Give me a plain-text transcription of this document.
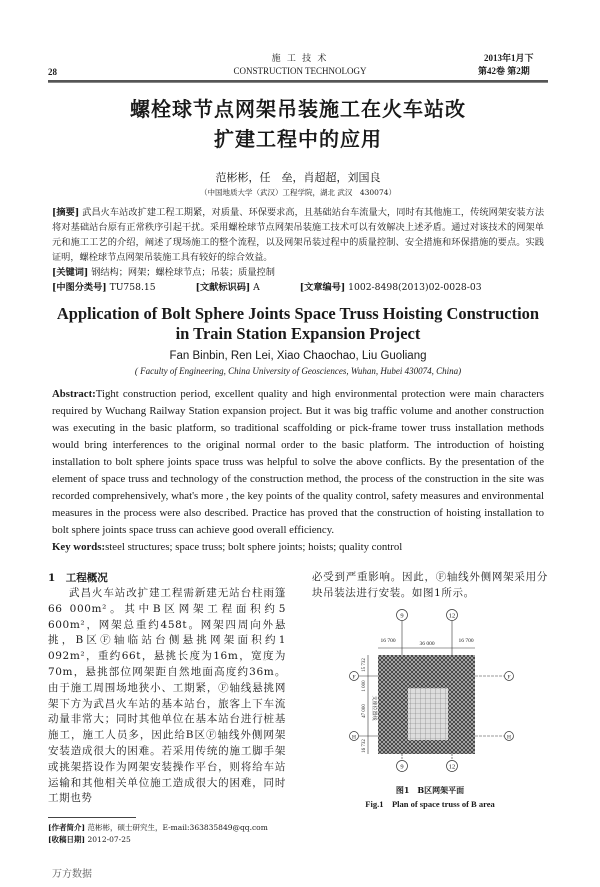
施 工 技 术
CONSTRUCTION TECHNOLOGY
28
2013年1月下
第42卷 第2期
螺栓球节点网架吊装施工在火车站改
扩建工程中的应用
范彬彬，任　垒，肖超超，刘国良
（中国地质大学（武汉）工程学院，湖北 武汉　430074）
[摘要] 武昌火车站改扩建工程工期紧，对质量、环保要求高，且基础站台车流量大，同时有其他施工，传统网架安装方法将对基础站台原有正常秩序引起干扰。采用螺栓球节点网架吊装施工技术可以有效解决上述矛盾。通过对该技术的网架单元和施工工艺的介绍，阐述了现场施工的整个流程，以及网架吊装过程中的质量控制、安全措施和环保措施的要点。实践证明，螺栓球节点网架吊装施工具有较好的综合效益。
[关键词] 钢结构；网架；螺栓球节点；吊装；质量控制
[中图分类号] TU758.15	[文献标识码] A	[文章编号] 1002-8498(2013)02-0028-03
Application of Bolt Sphere Joints Space Truss Hoisting Construction
in Train Station Expansion Project
Fan Binbin, Ren Lei, Xiao Chaochao, Liu Guoliang
( Faculty of Engineering, China University of Geosciences, Wuhan, Hubei 430074, China)
Abstract:Tight construction period, excellent quality and high environmental protection were main characters required by Wuchang Railway Station expansion project. But it was big traffic volume and another construction was executing in the basic platform, so traditional scaffolding or pick-frame tower truss installation methods would bring interferences to the original normal order to the basic platform. The introduction of hoisting installation to bolt sphere joints space truss was helpful to solve the above conflicts. By the presentation of the element of space truss and technology of the construction method, the process of the construction in the site was recorded comprehensively, what's more , the key points of the quality control, safety measures and environmental measures in the process were also described. Practice has proved that the construction of hoisting installation to bolt sphere joints space truss can achieve good overall efficiency.
Key words:steel structures; space truss; bolt sphere joints; hoists; quality control
1　工程概况
武昌火车站改扩建工程需新建无站台柱雨篷66 000m²。其中B区网架工程面积约5 600m²，网架总重约458t。网架四周向外悬挑，B区Ⓕ轴临站台侧悬挑网架面积约1 092m²，重约66t，悬挑长度为16m，宽度为70m，悬挑部位网架距自然地面高度约36m。由于施工周围场地狭小、工期紧，Ⓕ轴线悬挑网架下方为武昌火车站的基本站台，旅客上下车流动量非常大；同时其他单位在基本站台进行桩基施工，施工人员多，因此给B区Ⓕ轴线外侧网架安装造成很大的困难。若采用传统的施工脚手架或挑架搭设作为网架安装操作平台，则将给车站运输和其他相关单位施工造成很大的困难，同时工期也势
[作者简介] 范彬彬，硕士研究生，E-mail:363835849@qq.com
[收稿日期] 2012-07-25
万方数据
必受到严重影响。因此，Ⓕ轴线外侧网架采用分块吊装法进行安装。如图1所示。
9	12
9	12
F
H
F
H
16 700	36 000	16 700
15 732
1 000
47 000
16 732
支座位置线
图1　B区网架平面
Fig.1　Plan of space truss of B area
